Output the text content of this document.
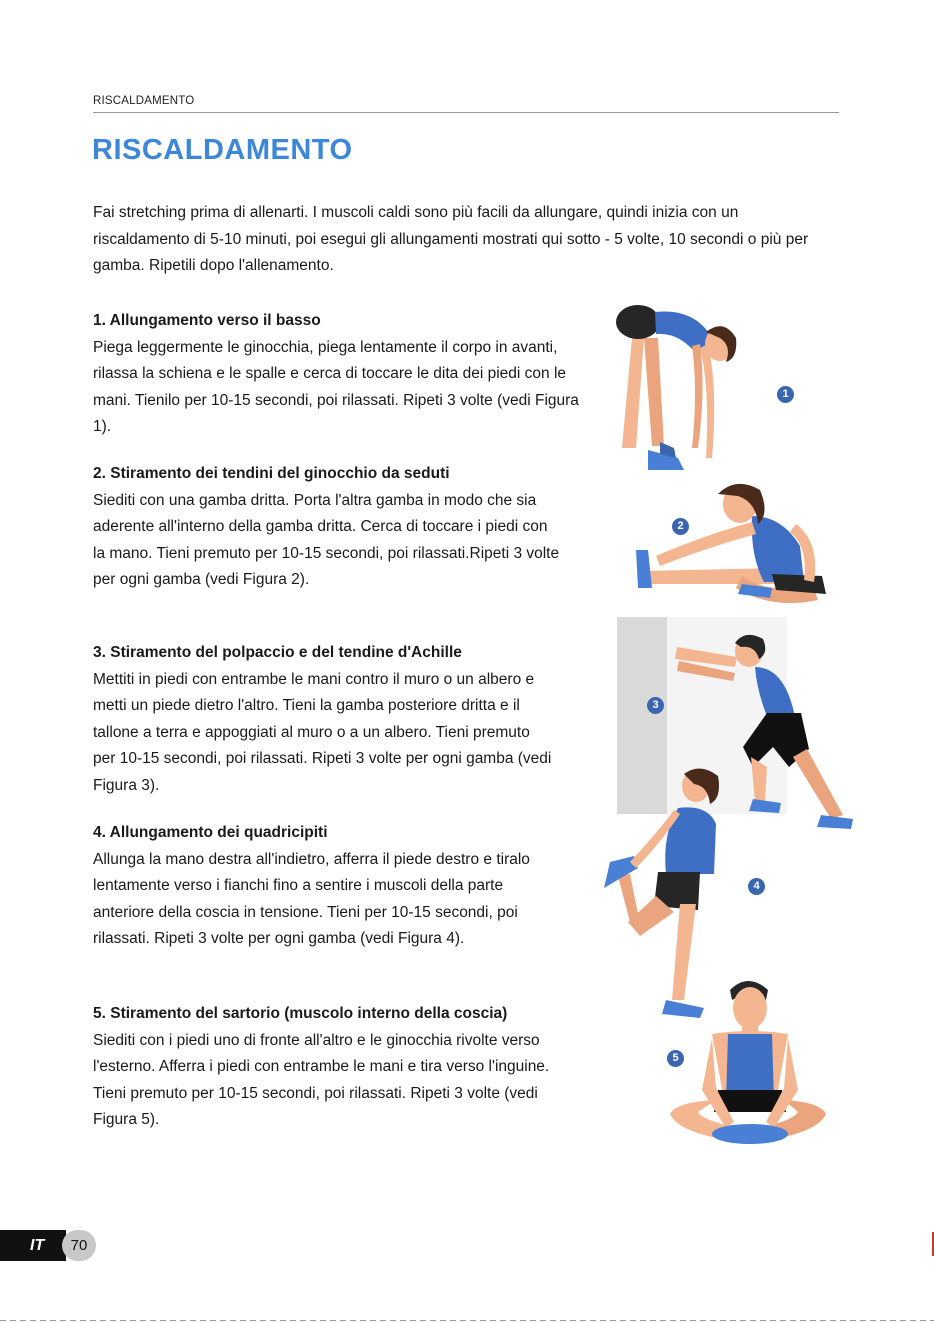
RISCALDAMENTO
RISCALDAMENTO

Fai stretching prima di allenarti. I muscoli caldi sono più facili da allungare, quindi inizia con un riscaldamento di 5-10 minuti, poi esegui gli allungamenti mostrati qui sotto - 5 volte, 10 secondi o più per gamba. Ripetili dopo l'allenamento.

1. Allungamento verso il basso

Piega leggermente le ginocchia, piega lentamente il corpo in avanti, rilassa la schiena e le spalle e cerca di toccare le dita dei piedi con le mani. Tienilo per 10-15 secondi, poi rilassati. Ripeti 3 volte (vedi Figura 1).

2. Stiramento dei tendini del ginocchio da seduti

Siediti con una gamba dritta. Porta l'altra gamba in modo che sia aderente all'interno della gamba dritta. Cerca di toccare i piedi con la mano. Tieni premuto per 10-15 secondi, poi rilassati.Ripeti 3 volte per ogni gamba (vedi Figura 2).

3. Stiramento del polpaccio e del tendine d'Achille

Mettiti in piedi con entrambe le mani contro il muro o un albero e metti un piede dietro l'altro. Tieni la gamba posteriore dritta e il tallone a terra e appoggiati al muro o a un albero. Tieni premuto per 10-15 secondi, poi rilassati. Ripeti 3 volte per ogni gamba (vedi Figura 3).

4. Allungamento dei quadricipiti

Allunga la mano destra all'indietro, afferra il piede destro e tiralo lentamente verso i fianchi fino a sentire i muscoli della parte anteriore della coscia in tensione. Tieni per 10-15 secondi, poi rilassati. Ripeti 3 volte per ogni gamba (vedi Figura 4).

5. Stiramento del sartorio (muscolo interno della coscia)

Siediti con i piedi uno di fronte all'altro e le ginocchia rivolte verso l'esterno. Afferra i piedi con entrambe le mani e tira verso l'inguine. Tieni premuto per 10-15 secondi, poi rilassati. Ripeti 3 volte (vedi Figura 5).

1
2
3
4
5
IT	70
